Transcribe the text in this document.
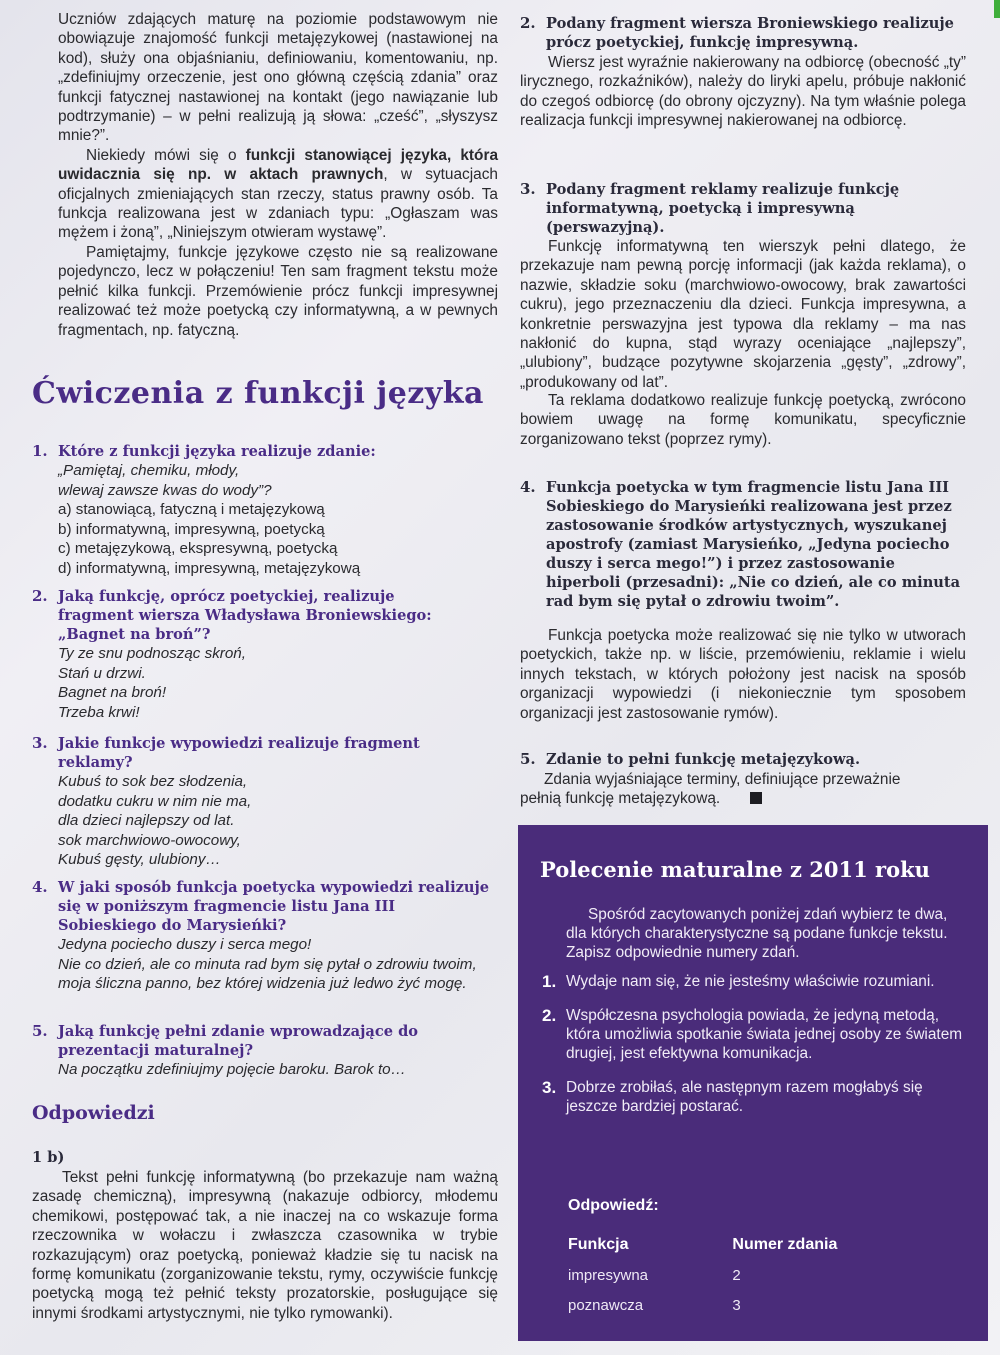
Uczniów zdających maturę na poziomie podstawowym nie obowiązuje znajomość funkcji metajęzykowej (nastawionej na kod), służy ona objaśnianiu, definiowaniu, komentowaniu, np. „zdefiniujmy orzeczenie, jest ono główną częścią zdania” oraz funkcji fatycznej nastawionej na kontakt (jego nawiązanie lub podtrzymanie) – w pełni realizują ją słowa: „cześć”, „słyszysz mnie?”.

Niekiedy mówi się o funkcji stanowiącej języka, która uwidacznia się np. w aktach prawnych, w sytuacjach oficjalnych zmieniających stan rzeczy, status prawny osób. Ta funkcja realizowana jest w zdaniach typu: „Ogłaszam was mężem i żoną”, „Niniejszym otwieram wystawę”.

Pamiętajmy, funkcje językowe często nie są realizowane pojedynczo, lecz w połączeniu! Ten sam fragment tekstu może pełnić kilka funkcji. Przemówienie prócz funkcji impresywnej realizować też może poetycką czy informatywną, a w pewnych fragmentach, np. fatyczną.

Ćwiczenia z funkcji języka
1. Które z funkcji języka realizuje zdanie:
„Pamiętaj, chemiku, młody,
wlewaj zawsze kwas do wody”?
a) stanowiącą, fatyczną i metajęzykową
b) informatywną, impresywną, poetycką
c) metajęzykową, ekspresywną, poetycką
d) informatywną, impresywną, metajęzykową
2. Jaką funkcję, oprócz poetyckiej, realizuje fragment wiersza Władysława Broniewskiego: „Bagnet na broń”?
Ty ze snu podnosząc skroń,
Stań u drzwi.
Bagnet na broń!
Trzeba krwi!
3. Jakie funkcje wypowiedzi realizuje fragment reklamy?
Kubuś to sok bez słodzenia,
dodatku cukru w nim nie ma,
dla dzieci najlepszy od lat.
sok marchwiowo-owocowy,
Kubuś gęsty, ulubiony…
4. W jaki sposób funkcja poetycka wypowiedzi realizuje się w poniższym fragmencie listu Jana III Sobieskiego do Marysieńki?
Jedyna pociecho duszy i serca mego!
Nie co dzień, ale co minuta rad bym się pytał o zdrowiu twoim, moja śliczna panno, bez której widzenia już ledwo żyć mogę.
5. Jaką funkcję pełni zdanie wprowadzające do prezentacji maturalnej?
Na początku zdefiniujmy pojęcie baroku. Barok to…
Odpowiedzi
1 b)

Tekst pełni funkcję informatywną (bo przekazuje nam ważną zasadę chemiczną), impresywną (nakazuje odbiorcy, młodemu chemikowi, postępować tak, a nie inaczej na co wskazuje forma rzeczownika w wołaczu i zwłaszcza czasownika w trybie rozkazującym) oraz poetycką, ponieważ kładzie się tu nacisk na formę komunikatu (zorganizowanie tekstu, rymy, oczywiście funkcję poetycką mogą też pełnić teksty prozatorskie, posługujące się innymi środkami artystycznymi, nie tylko rymowanki).

2. Podany fragment wiersza Broniewskiego realizuje prócz poetyckiej, funkcję impresywną.

Wiersz jest wyraźnie nakierowany na odbiorcę (obecność „ty” lirycznego, rozkaźników), należy do liryki apelu, próbuje nakłonić do czegoś odbiorcę (do obrony ojczyzny). Na tym właśnie polega realizacja funkcji impresywnej nakierowanej na odbiorcę.

3. Podany fragment reklamy realizuje funkcję informatywną, poetycką i impresywną (perswazyjną).

Funkcję informatywną ten wierszyk pełni dlatego, że przekazuje nam pewną porcję informacji (jak każda reklama), o nazwie, składzie soku (marchwiowo-owocowy, brak zawartości cukru), jego przeznaczeniu dla dzieci. Funkcja impresywna, a konkretnie perswazyjna jest typowa dla reklamy – ma nas nakłonić do kupna, stąd wyrazy oceniające „najlepszy”, „ulubiony”, budzące pozytywne skojarzenia „gęsty”, „zdrowy”, „produkowany od lat”.

Ta reklama dodatkowo realizuje funkcję poetycką, zwrócono bowiem uwagę na formę komunikatu, specyficznie zorganizowano tekst (poprzez rymy).

4. Funkcja poetycka w tym fragmencie listu Jana III Sobieskiego do Marysieńki realizowana jest przez zastosowanie środków artystycznych, wyszukanej apostrofy (zamiast Marysieńko, „Jedyna pociecho duszy i serca mego!”) i przez zastosowanie hiperboli (przesadni): „Nie co dzień, ale co minuta rad bym się pytał o zdrowiu twoim”.

Funkcja poetycka może realizować się nie tylko w utworach poetyckich, także np. w liście, przemówieniu, reklamie i wielu innych tekstach, w których położony jest nacisk na sposób organizacji wypowiedzi (i niekoniecznie tym sposobem organizacji jest zastosowanie rymów).

5. Zdanie to pełni funkcję metajęzykową.

Zdania wyjaśniające terminy, definiujące przeważnie pełnią funkcję metajęzykową.

Polecenie maturalne z 2011 roku

Spośród zacytowanych poniżej zdań wybierz te dwa, dla których charakterystyczne są podane funkcje tekstu. Zapisz odpowiednie numery zdań.

1. Wydaje nam się, że nie jesteśmy właściwie rozumiani.
2. Współczesna psychologia powiada, że jedyną metodą, która umożliwia spotkanie świata jednej osoby ze światem drugiej, jest efektywna komunikacja.
3. Dobrze zrobiłaś, ale następnym razem mogłabyś się jeszcze bardziej postarać.
Odpowiedź:
Funkcja	Numer zdania
impresywna	2
poznawcza	3
